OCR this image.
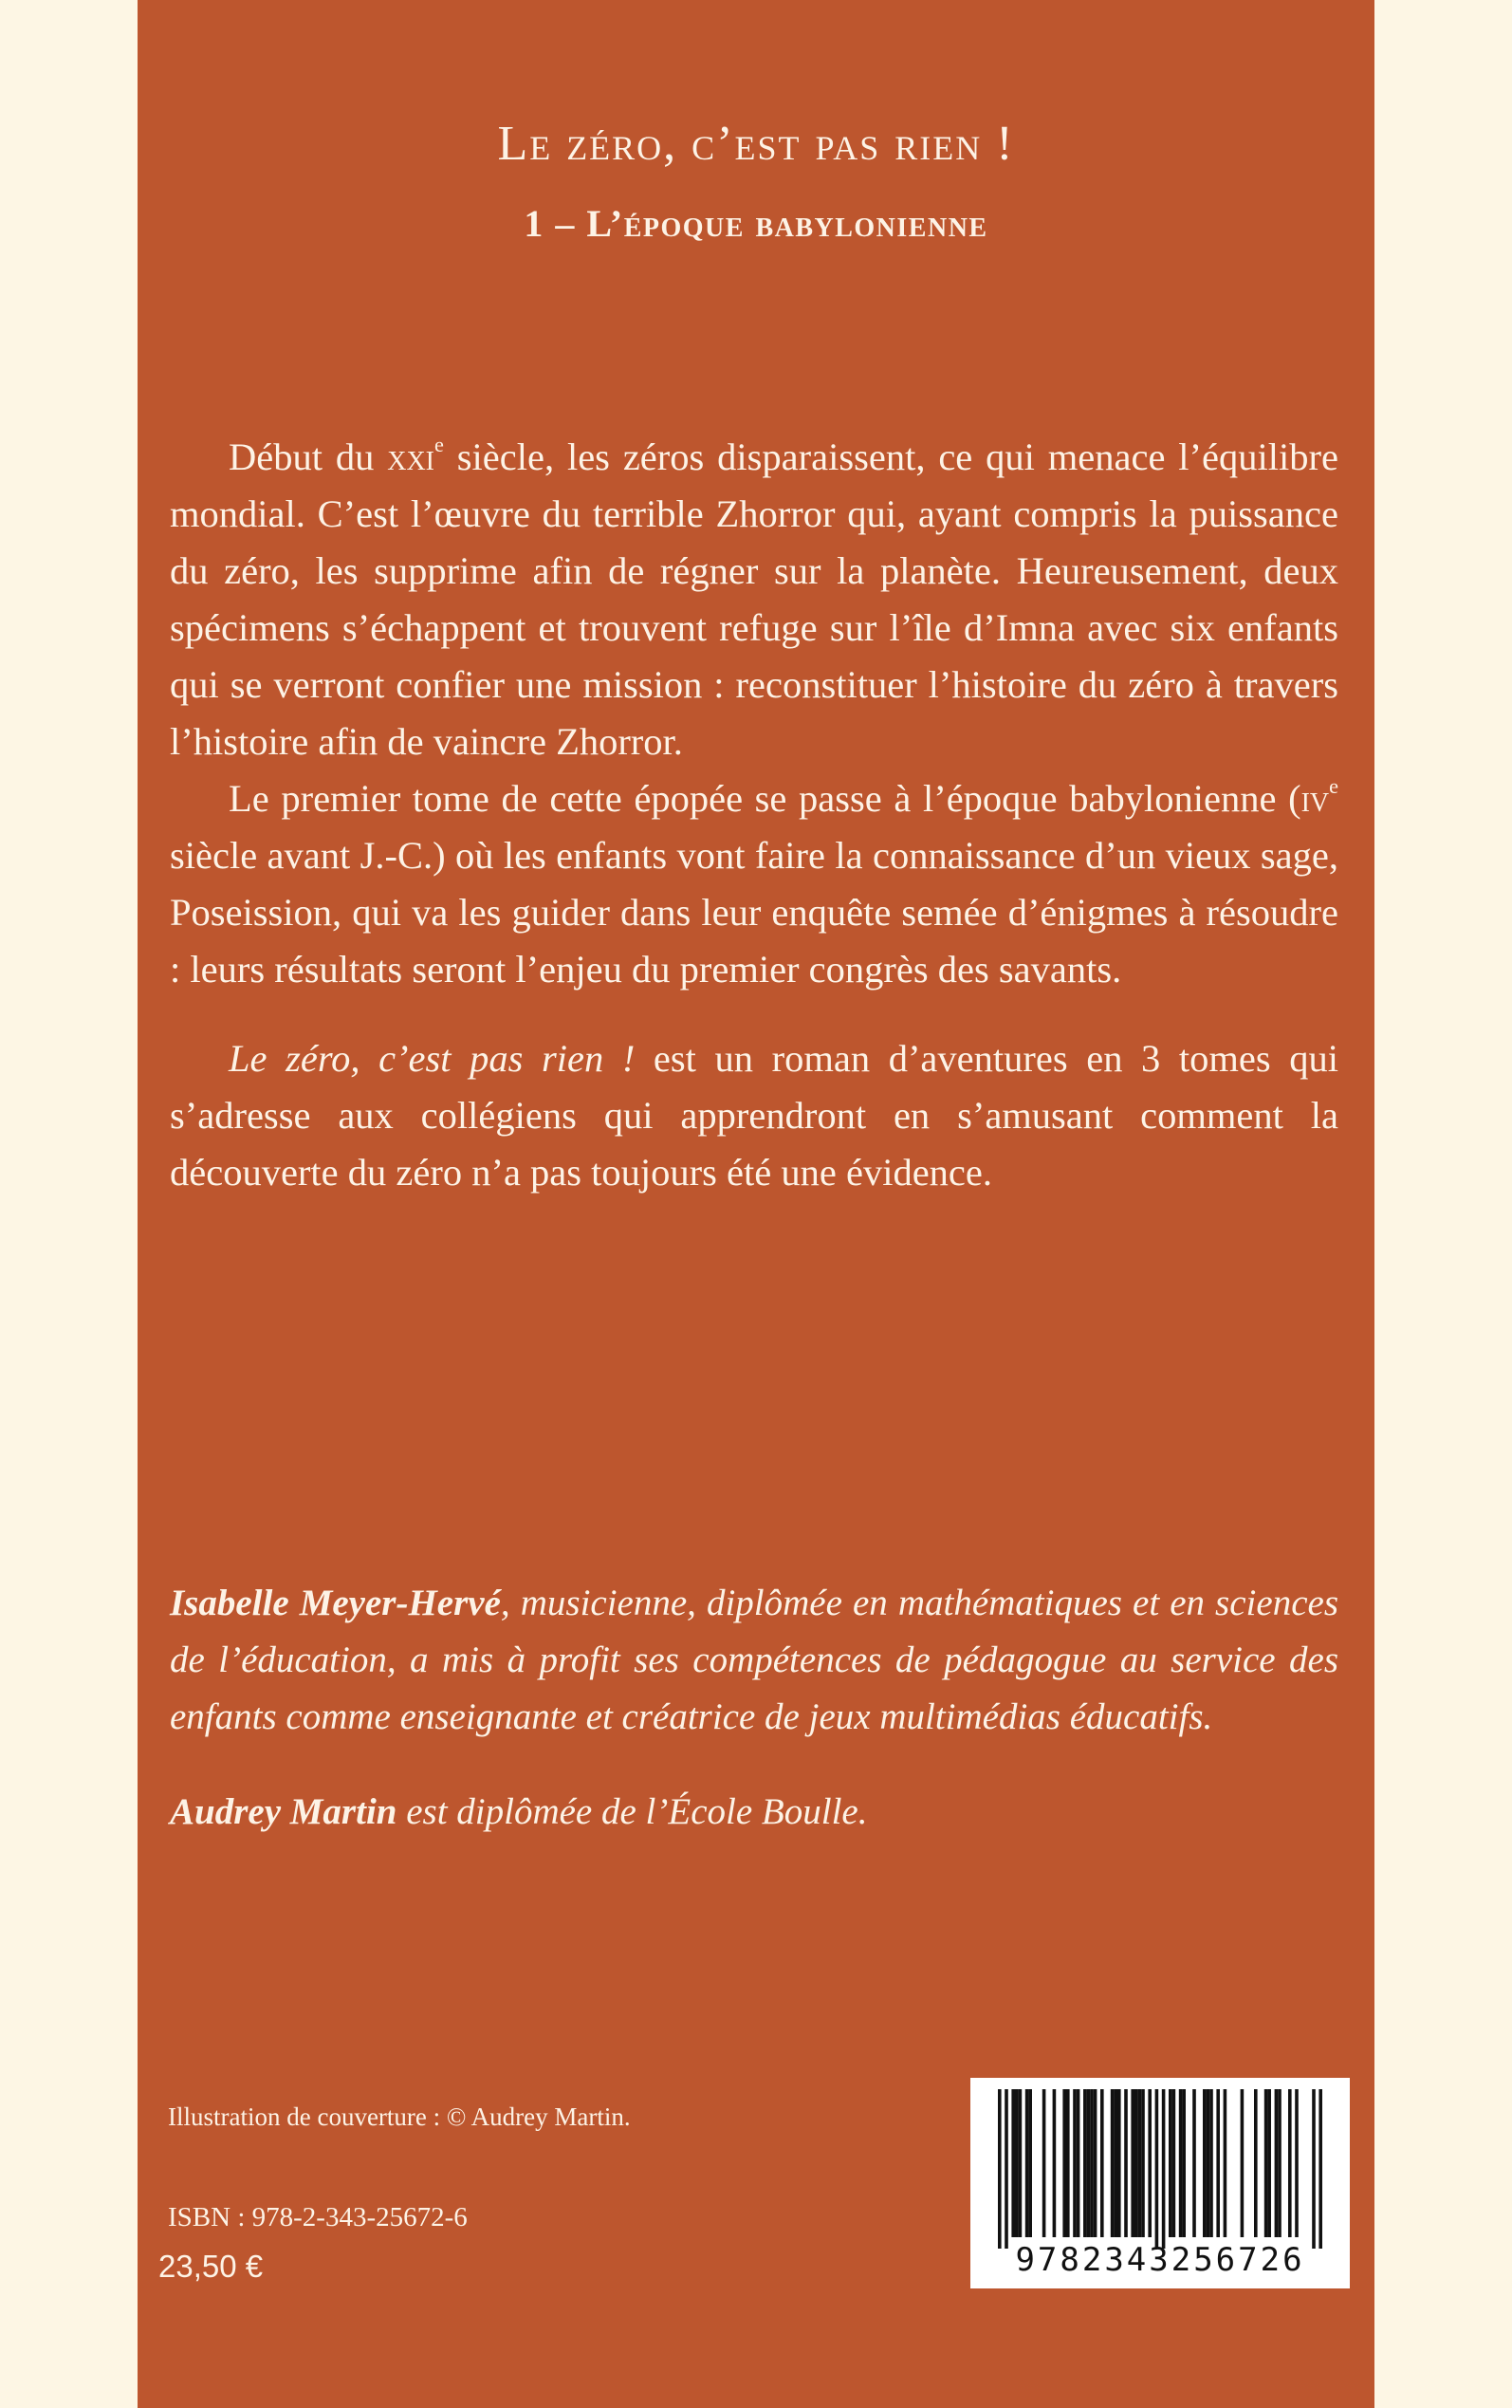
Le zéro, c’est pas rien !
1 – L’époque babylonienne

Début du xxi$^e$ siècle, les zéros disparaissent, ce qui menace l’équilibre mondial. C’est l’œuvre du terrible Zhorror qui, ayant compris la puissance du zéro, les supprime afin de régner sur la planète. Heureusement, deux spécimens s’échappent et trouvent refuge sur l’île d’Imna avec six enfants qui se verront confier une mission : reconstituer l’histoire du zéro à travers l’histoire afin de vaincre Zhorror.

Le premier tome de cette épopée se passe à l’époque babylonienne ($iv^e$ siècle avant J.-C.) où les enfants vont faire la connaissance d’un vieux sage, Poseission, qui va les guider dans leur enquête semée d’énigmes à résoudre : leurs résultats seront l’enjeu du premier congrès des savants.

Le zéro, c’est pas rien ! est un roman d’aventures en 3 tomes qui s’adresse aux collégiens qui apprendront en s’amusant comment la découverte du zéro n’a pas toujours été une évidence.

Isabelle Meyer-Hervé, musicienne, diplômée en mathématiques et en sciences de l’éducation, a mis à profit ses compétences de pédagogue au service des enfants comme enseignante et créatrice de jeux multimédias éducatifs.

Audrey Martin est diplômée de l’École Boulle.

Illustration de couverture : © Audrey Martin.
ISBN : 978-2-343-25672-6
23,50 €	9782343256726
